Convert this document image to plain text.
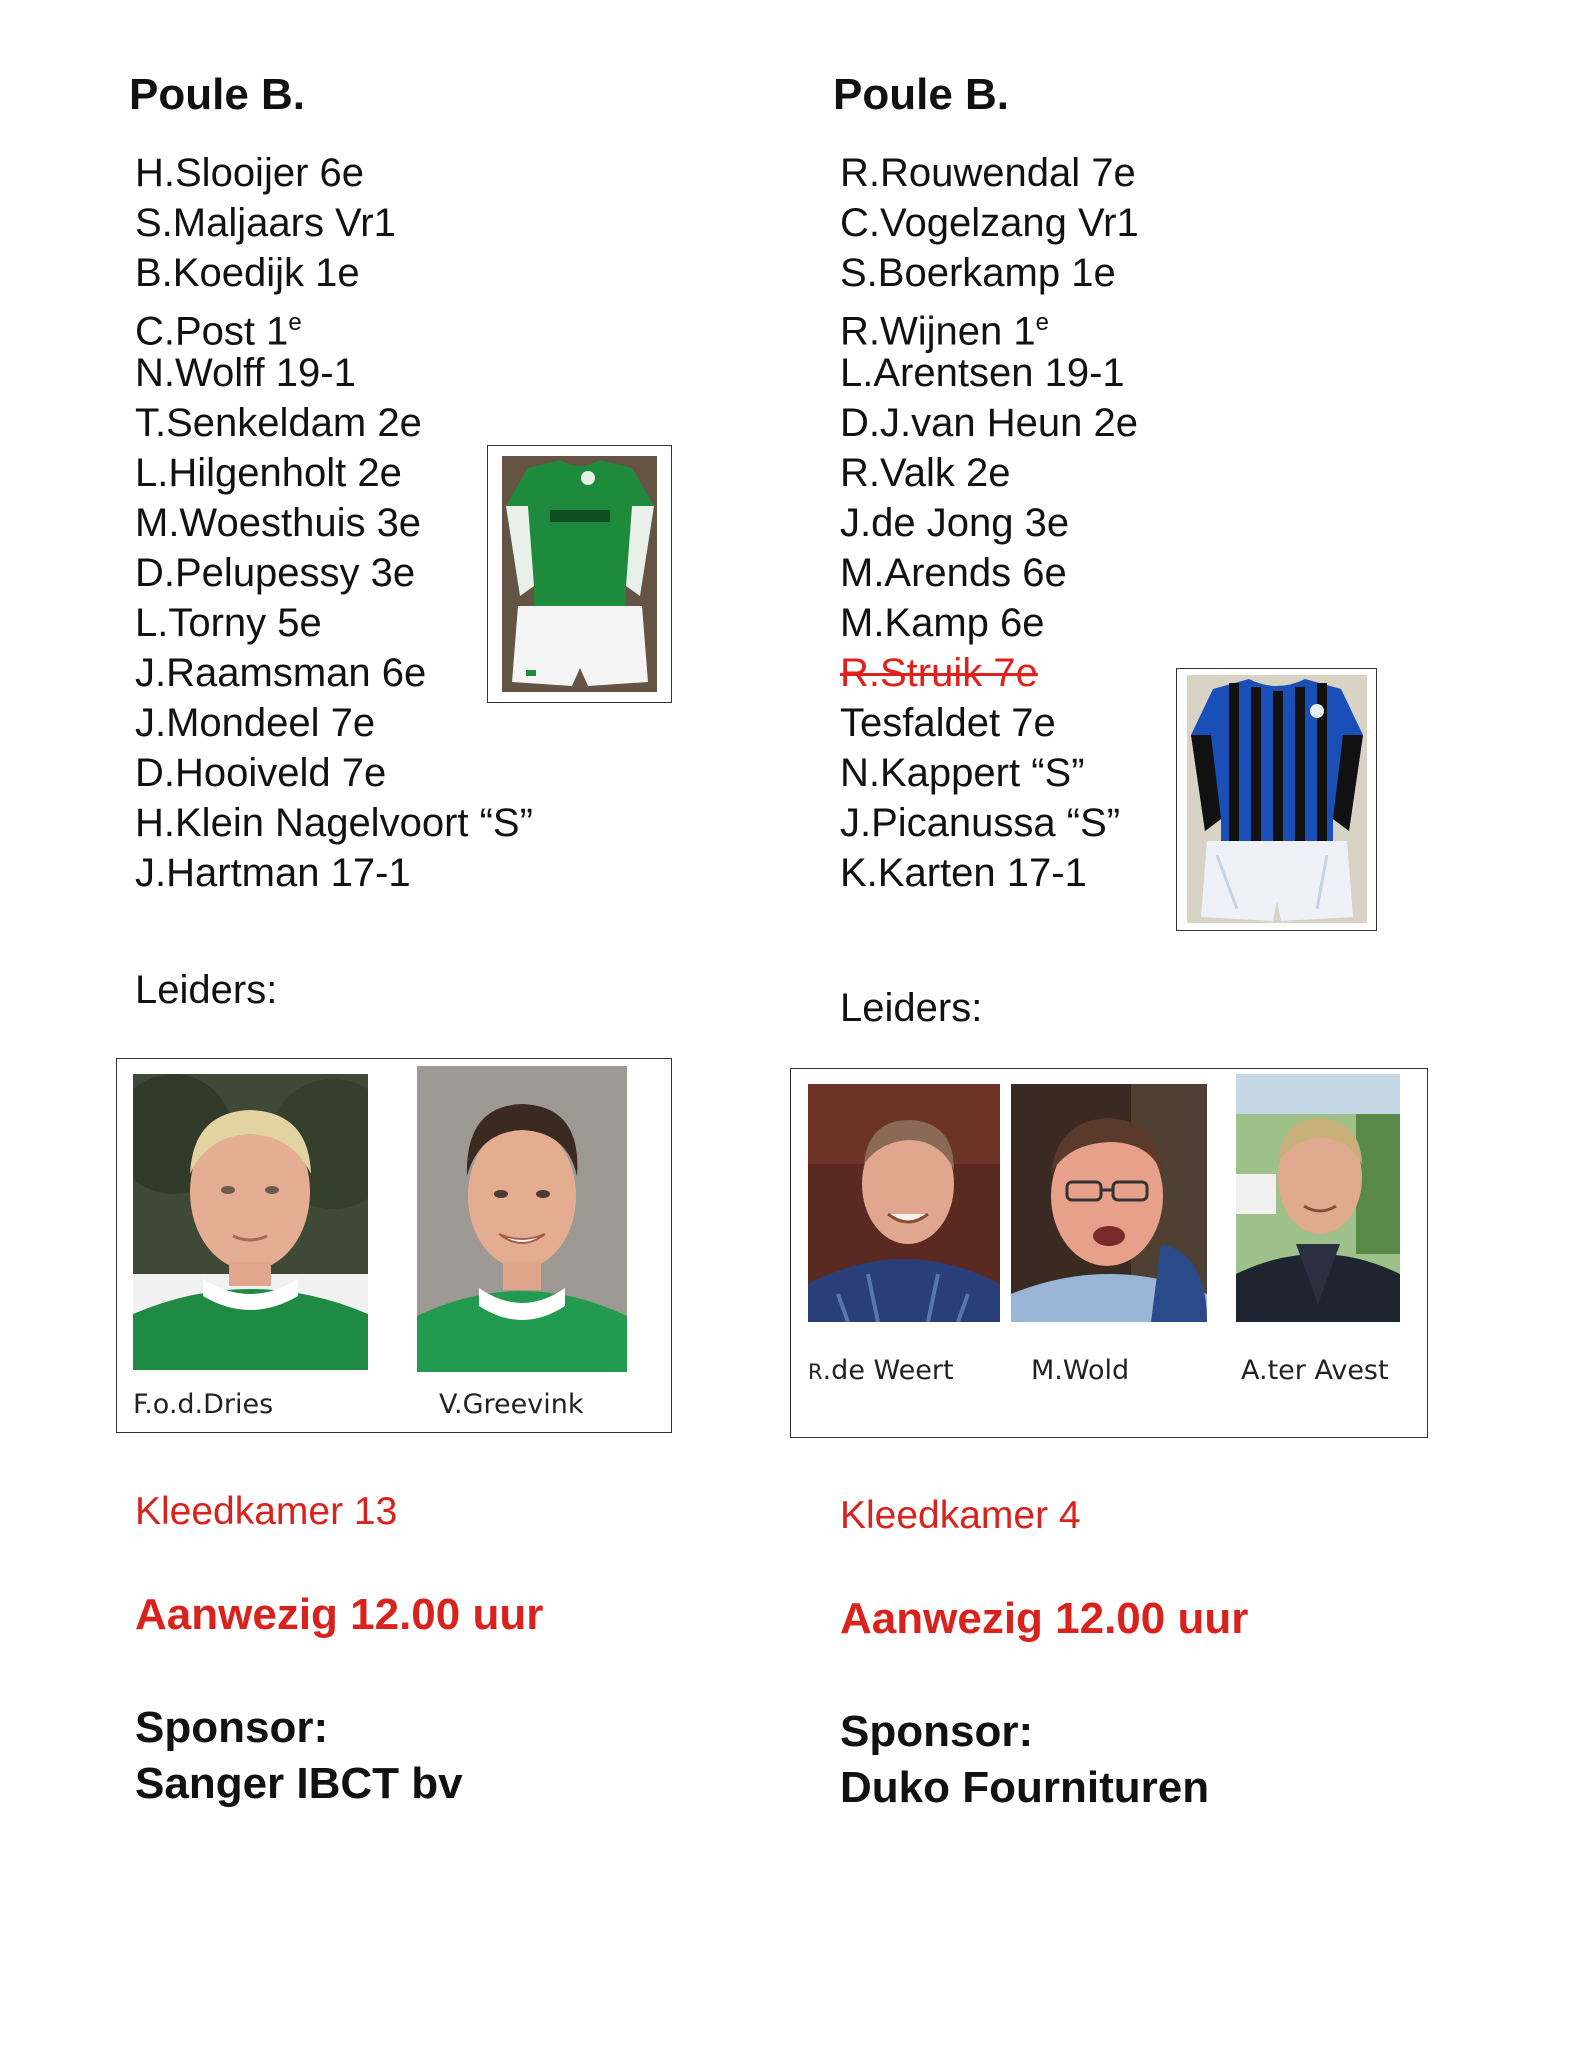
Poule B.
H.Slooijer 6e
S.Maljaars Vr1
B.Koedijk 1e
C.Post 1e
N.Wolff 19-1
T.Senkeldam 2e
L.Hilgenholt 2e
M.Woesthuis 3e
D.Pelupessy 3e
L.Torny 5e
J.Raamsman 6e
J.Mondeel 7e
D.Hooiveld 7e
H.Klein Nagelvoort “S”
J.Hartman 17-1
Leiders:
F.o.d.Dries	V.Greevink
Kleedkamer 13
Aanwezig 12.00 uur
Sponsor:
Sanger IBCT bv
Poule B.
R.Rouwendal 7e
C.Vogelzang Vr1
S.Boerkamp 1e
R.Wijnen 1e
L.Arentsen 19-1
D.J.van Heun 2e
R.Valk 2e
J.de Jong 3e
M.Arends 6e
M.Kamp 6e
R.Struik 7e
Tesfaldet 7e
N.Kappert “S”
J.Picanussa “S”
K.Karten 17-1
Leiders:
R.de Weert	M.Wold	A.ter Avest
Kleedkamer 4
Aanwezig 12.00 uur
Sponsor:
Duko Fournituren
